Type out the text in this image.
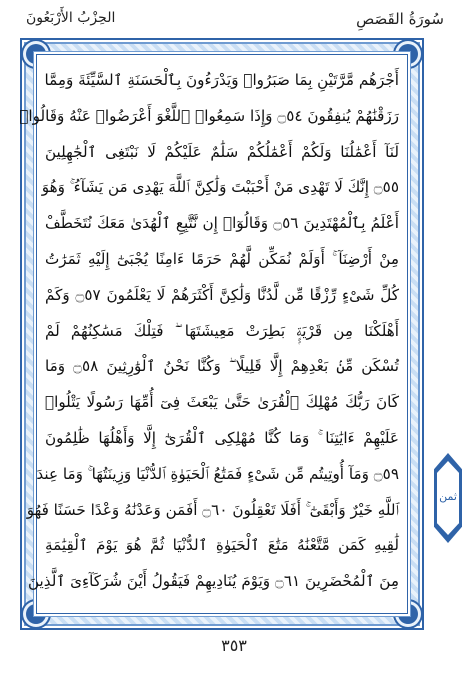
سُورَةُ القَصَصِ
الحِزْبُ الأَرْبَعُونَ
أَجْرَهُم مَّرَّتَيْنِ بِمَا صَبَرُوا۟ وَيَدْرَءُونَ بِٱلْحَسَنَةِ ٱلسَّيِّئَةَ وَمِمَّا
رَزَقْنَٰهُمْ يُنفِقُونَ ۝٥٤ وَإِذَا سَمِعُوا۟ ٱللَّغْوَ أَعْرَضُوا۟ عَنْهُ وَقَالُوا۟
لَنَآ أَعْمَٰلُنَا وَلَكُمْ أَعْمَٰلُكُمْ سَلَٰمٌ عَلَيْكُمْ لَا نَبْتَغِى ٱلْجَٰهِلِينَ
۝٥٥ إِنَّكَ لَا تَهْدِى مَنْ أَحْبَبْتَ وَلَٰكِنَّ ٱللَّهَ يَهْدِى مَن يَشَآءُ ۚ وَهُوَ
أَعْلَمُ بِٱلْمُهْتَدِينَ ۝٥٦ وَقَالُوٓا۟ إِن نَّتَّبِعِ ٱلْهُدَىٰ مَعَكَ نُتَخَطَّفْ
مِنْ أَرْضِنَآ ۚ أَوَلَمْ نُمَكِّن لَّهُمْ حَرَمًا ءَامِنًا يُجْبَىٰٓ إِلَيْهِ ثَمَرَٰتُ
كُلِّ شَىْءٍ رِّزْقًا مِّن لَّدُنَّا وَلَٰكِنَّ أَكْثَرَهُمْ لَا يَعْلَمُونَ ۝٥٧ وَكَمْ
أَهْلَكْنَا مِن قَرْيَةٍۭ بَطِرَتْ مَعِيشَتَهَا ۖ فَتِلْكَ مَسَٰكِنُهُمْ لَمْ
تُسْكَن مِّنۢ بَعْدِهِمْ إِلَّا قَلِيلًا ۖ وَكُنَّا نَحْنُ ٱلْوَٰرِثِينَ ۝٥٨ وَمَا
كَانَ رَبُّكَ مُهْلِكَ ٱلْقُرَىٰ حَتَّىٰ يَبْعَثَ فِىٓ أُمِّهَا رَسُولًا يَتْلُوا۟
عَلَيْهِمْ ءَايَٰتِنَا ۚ وَمَا كُنَّا مُهْلِكِى ٱلْقُرَىٰٓ إِلَّا وَأَهْلُهَا ظَٰلِمُونَ
۝٥٩ وَمَآ أُوتِيتُم مِّن شَىْءٍ فَمَتَٰعُ ٱلْحَيَوٰةِ ٱلدُّنْيَا وَزِينَتُهَا ۚ وَمَا عِندَ
ٱللَّهِ خَيْرٌ وَأَبْقَىٰٓ ۚ أَفَلَا تَعْقِلُونَ ۝٦٠ أَفَمَن وَعَدْنَٰهُ وَعْدًا حَسَنًا فَهُوَ
لَٰقِيهِ كَمَن مَّتَّعْنَٰهُ مَتَٰعَ ٱلْحَيَوٰةِ ٱلدُّنْيَا ثُمَّ هُوَ يَوْمَ ٱلْقِيَٰمَةِ
مِنَ ٱلْمُحْضَرِينَ ۝٦١ وَيَوْمَ يُنَادِيهِمْ فَيَقُولُ أَيْنَ شُرَكَآءِىَ ٱلَّذِينَ
ثمن
٣٥٣
